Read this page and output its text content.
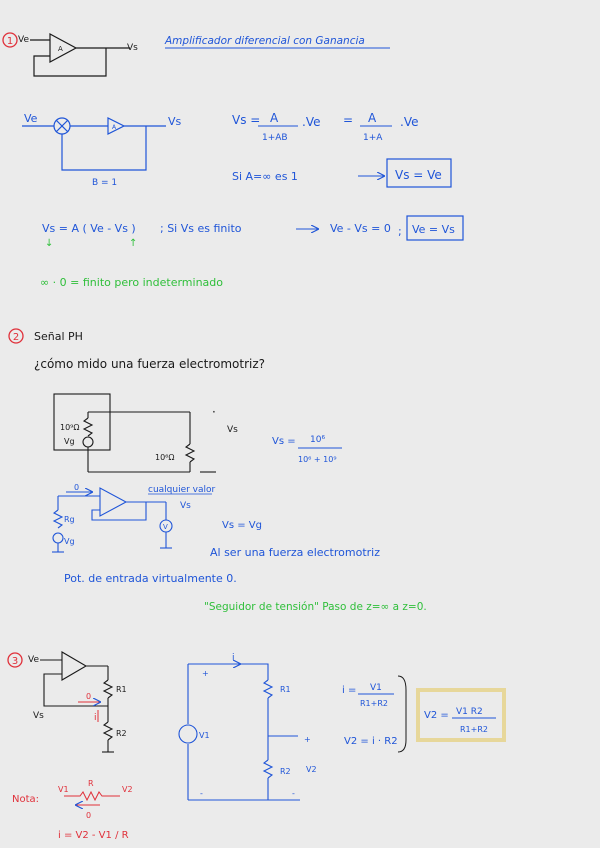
1 Ve
A	Vs
Amplificador diferencial con Ganancia
Ve
A	Vs
B = 1
Vs = A
1+AB
.Ve = A
1+A
.Ve
Si A=∞ es 1	Vs = Ve
Vs = A ( Ve - Vs )
↓	↑
; Si Vs es finito	Ve - Vs = 0 ; Ve = Vs
∞ · 0 = finito pero indeterminado
2 Señal PH
¿cómo mido una fuerza electromotriz?
10⁹Ω
Vg
10⁶Ω
·
Vs
Vs = 10⁶
10⁶ + 10⁹
0	cualquier valor
Vs
Rg
Vg
V	Vs = Vg
Al ser una fuerza electromotriz
Pot. de entrada virtualmente 0.
"Seguidor de tensión" Paso de z=∞ a z=0.
3 Ve
Vs
R1
R2
0
i
+
-
i
V1
R1
R2 V2
+
-
i = V1
R1+R2
V2 = i · R2
V2 = V1 R2
R1+R2
Nota:
V1
R
V2
0
i = V2 - V1 / R
